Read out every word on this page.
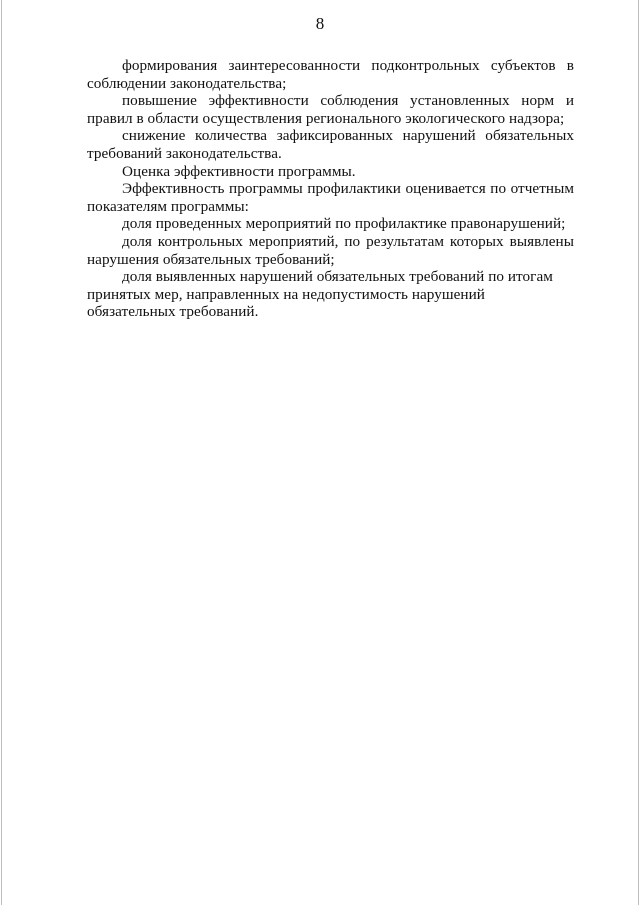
8

формирования заинтересованности подконтрольных субъектов в соблюдении законодательства;

повышение эффективности соблюдения установленных норм и правил в области осуществления регионального экологического надзора;

снижение количества зафиксированных нарушений обязательных требований законодательства.

Оценка эффективности программы.

Эффективность программы профилактики оценивается по отчетным показателям программы:

доля проведенных мероприятий по профилактике правонарушений;

доля контрольных мероприятий, по результатам которых выявлены нарушения обязательных требований;

доля выявленных нарушений обязательных требований по итогам принятых мер, направленных на недопустимость нарушений обязательных требований.
